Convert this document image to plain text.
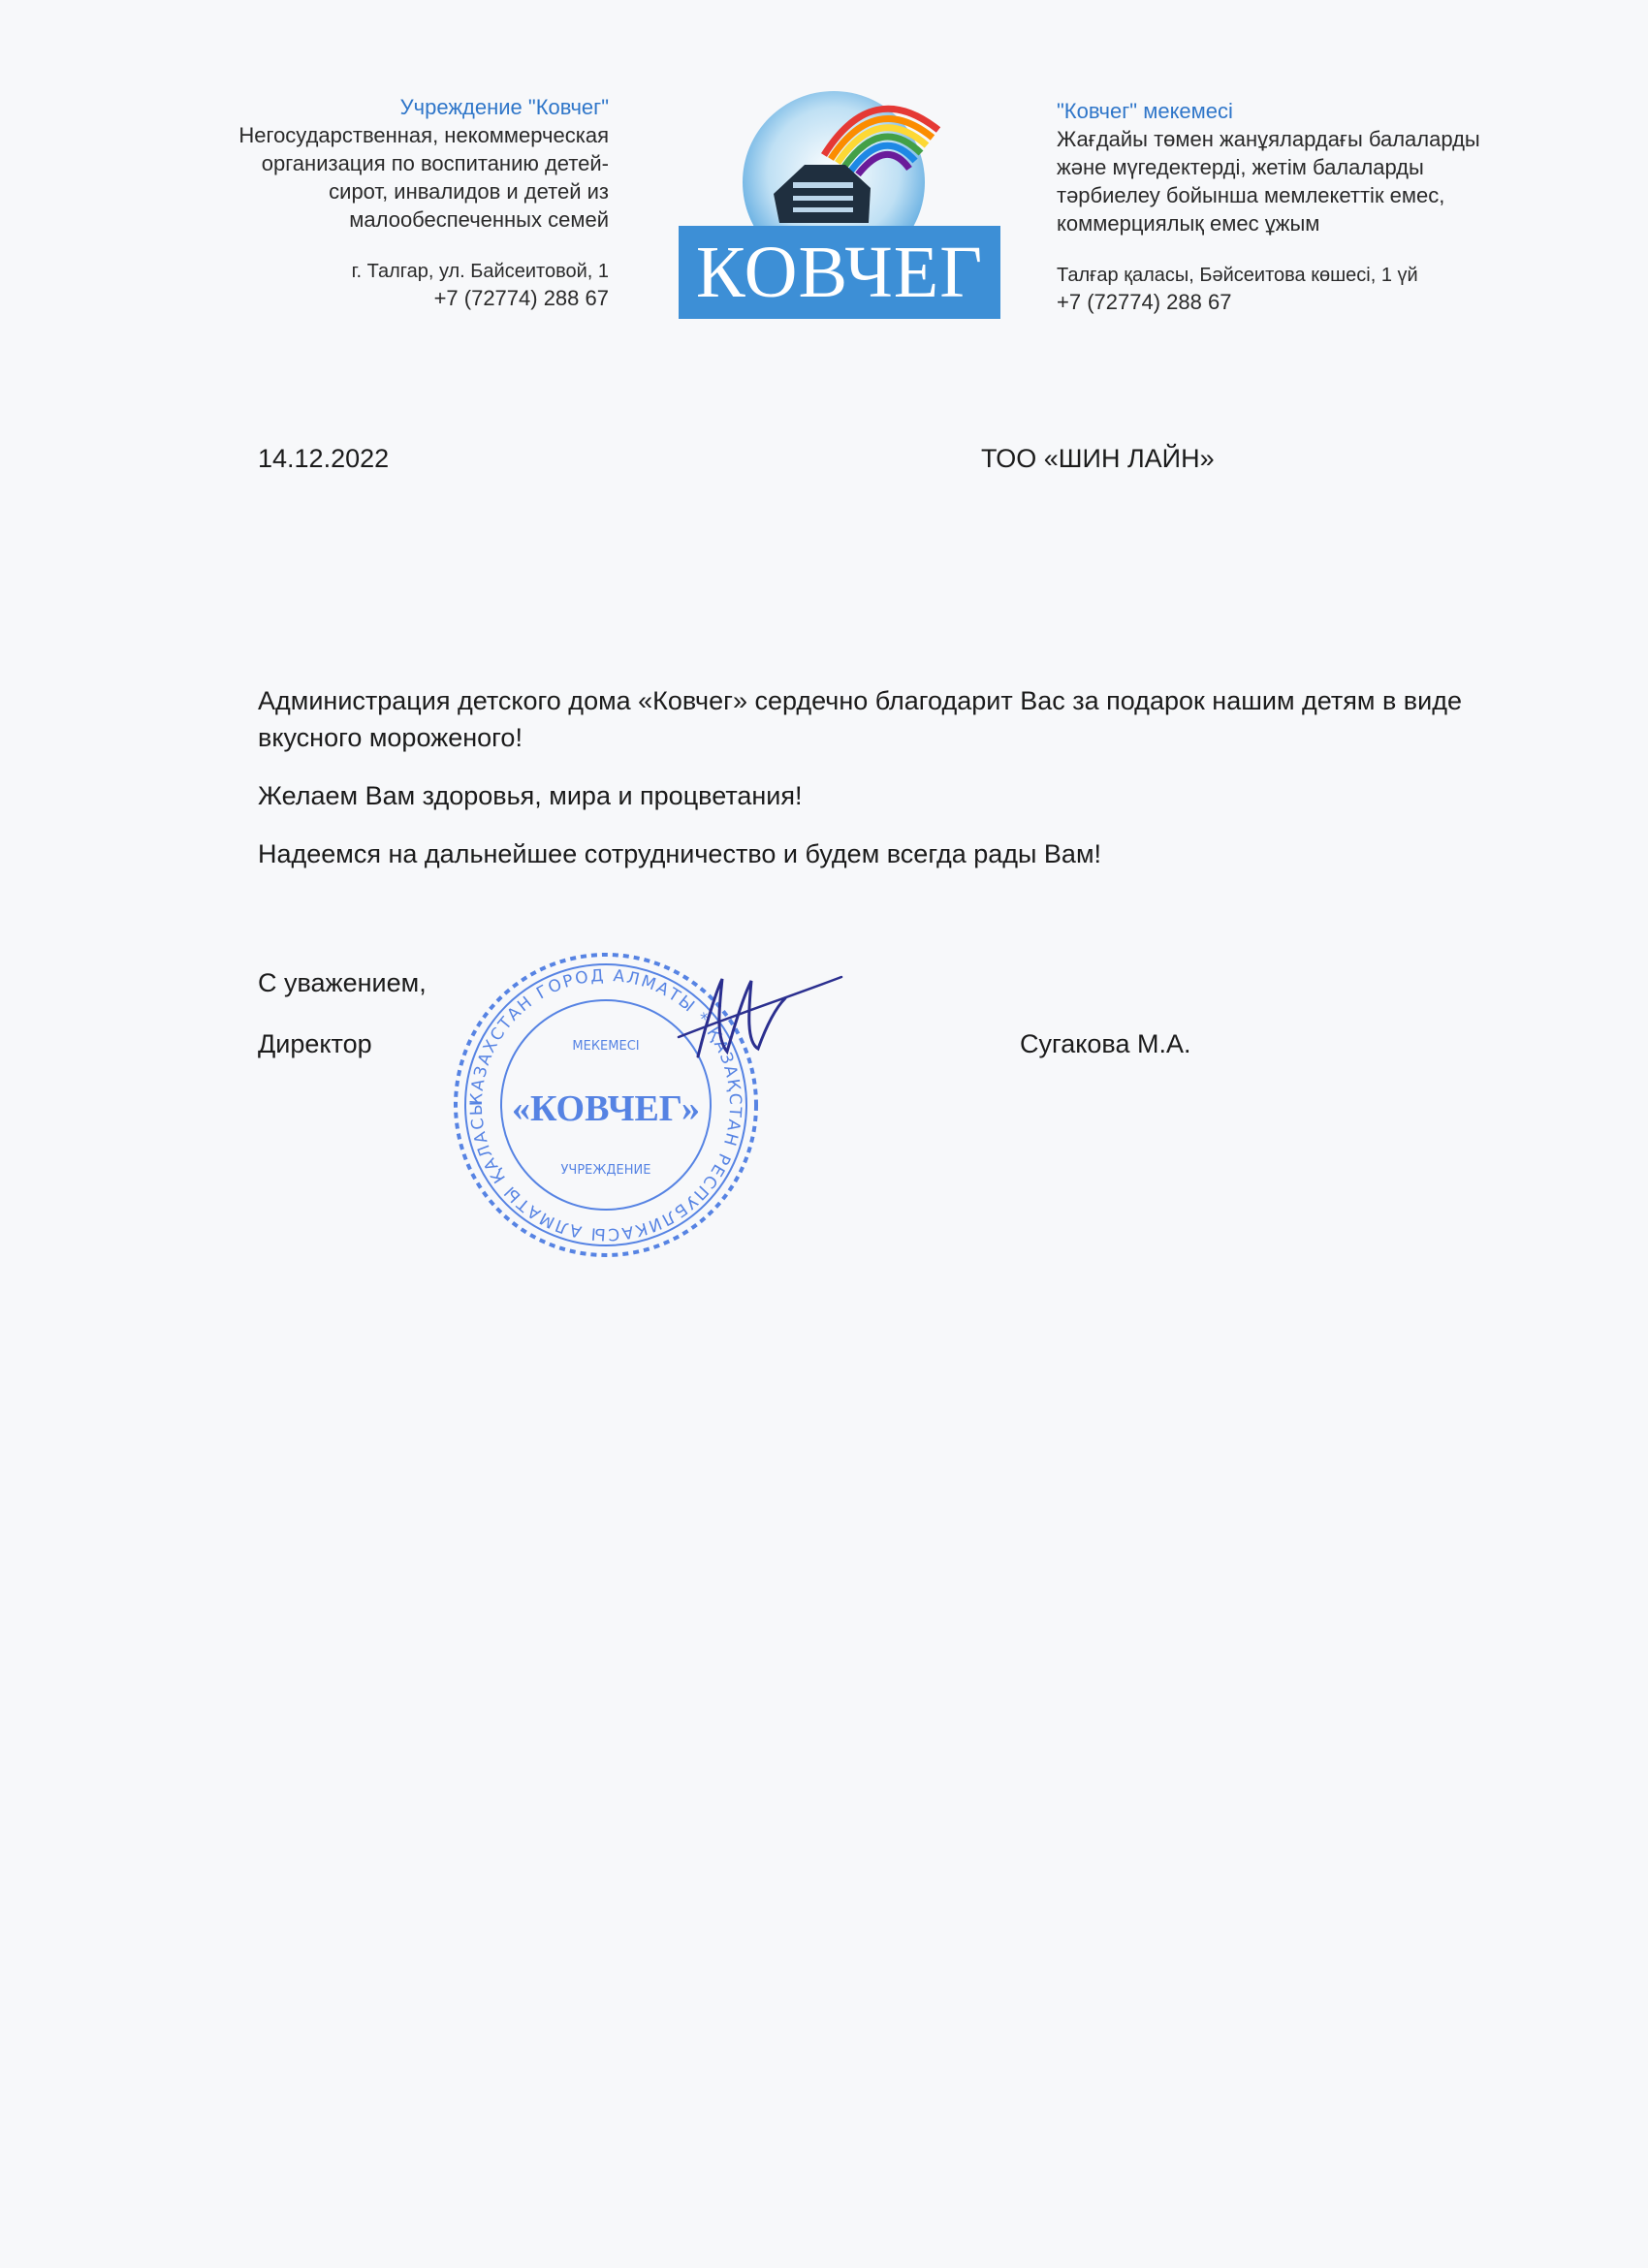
Учреждение "Ковчег"
Негосударственная, некоммерческая
организация по воспитанию детей-
сирот, инвалидов и детей из
малообеспеченных семей
г. Талгар, ул. Байсеитовой, 1
+7 (72774) 288 67 КОВЧЕГ
"Ковчег" мекемесі
Жағдайы төмен жанұялардағы балаларды
және мүгедектерді, жетім балаларды
тәрбиелеу бойынша мемлекеттік емес,
коммерциялық емес ұжым
Талғар қаласы, Бәйсеитова көшесі, 1 үй
+7 (72774) 288 67
14.12.2022	ТОО «ШИН ЛАЙН»

Администрация детского дома «Ковчег» сердечно благодарит Вас за подарок нашим детям в виде вкусного мороженого!

Желаем Вам здоровья, мира и процветания!

Надеемся на дальнейшее сотрудничество и будем всегда рады Вам!

С уважением,
Директор	Сугакова М.А.
КАЗАХСТАН ГОРОД АЛМАТЫ * ҚАЗАҚСТАН РЕСПУБЛИКАСЫ АЛМАТЫ ҚАЛАСЫ
МЕКЕМЕСІ
«КОВЧЕГ»
УЧРЕЖДЕНИЕ
